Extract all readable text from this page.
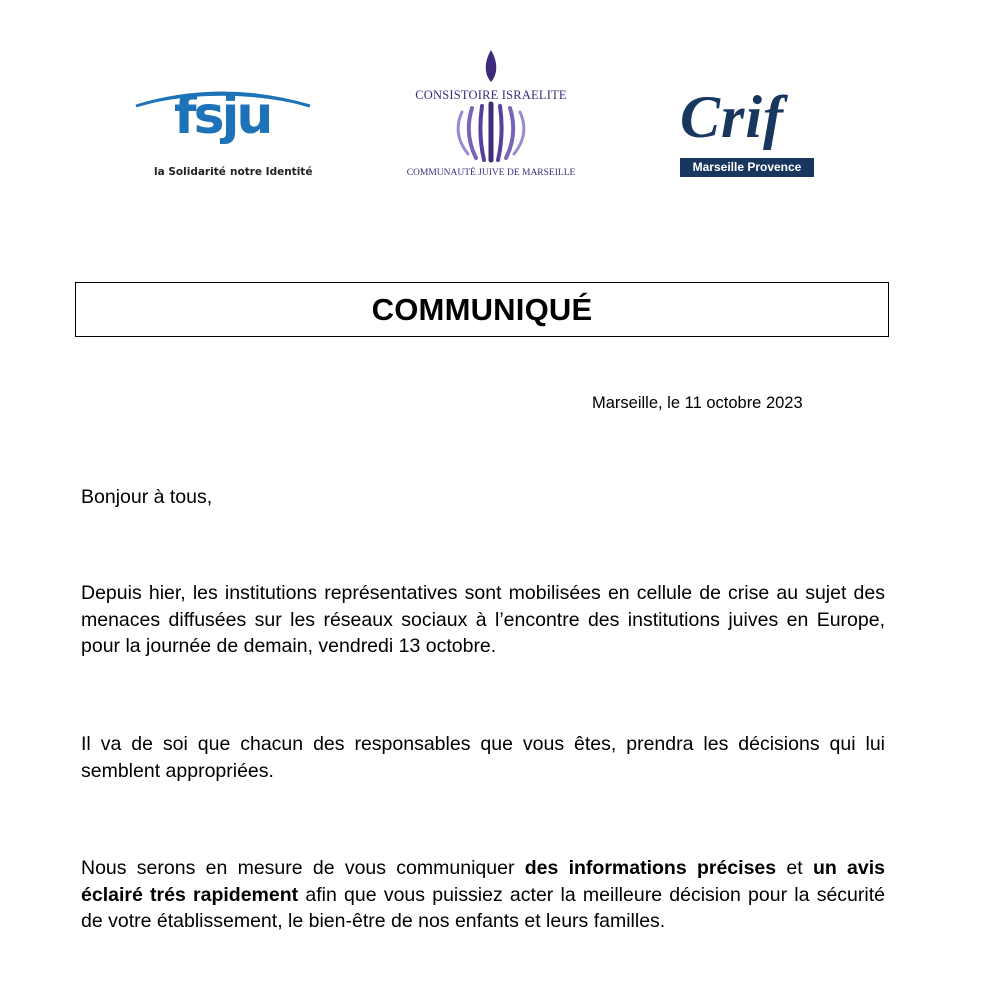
fsju
la Solidarité notre Identité
CONSISTOIRE ISRAELITE
COMMUNAUTÉ JUIVE DE MARSEILLE
Crif
Marseille Provence
COMMUNIQUÉ
Marseille, le 11 octobre 2023
Bonjour à tous,
Depuis hier, les institutions représentatives sont mobilisées en cellule de crise au sujet des menaces diffusées sur les réseaux sociaux à l’encontre des institutions juives en Europe, pour la journée de demain, vendredi 13 octobre.
Il va de soi que chacun des responsables que vous êtes, prendra les décisions qui lui semblent appropriées.
Nous serons en mesure de vous communiquer des informations précises et un avis éclairé trés rapidement afin que vous puissiez acter la meilleure décision pour la sécurité de votre établissement, le bien-être de nos enfants et leurs familles.
